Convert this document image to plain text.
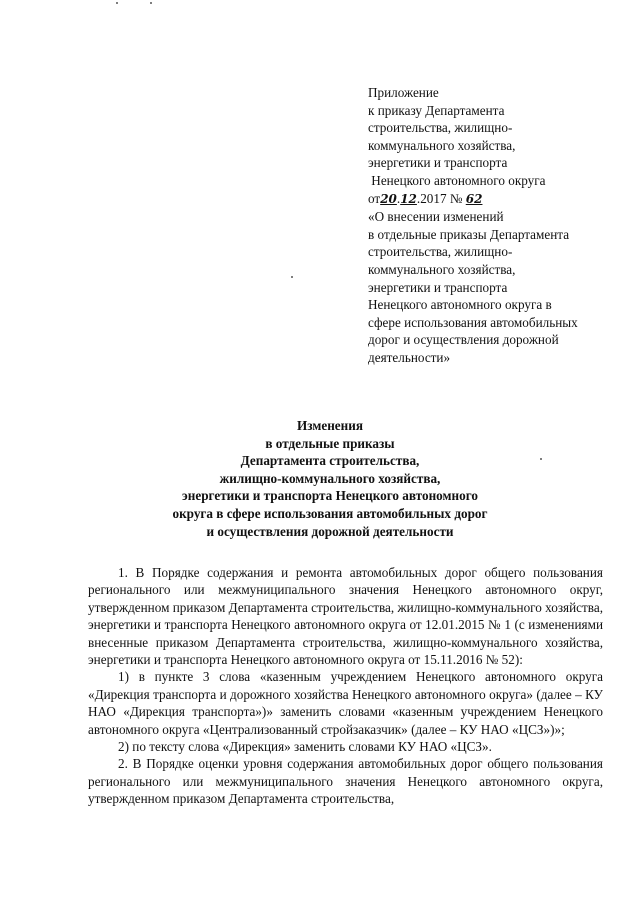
Приложение
к приказу Департамента
строительства, жилищно-
коммунального хозяйства,
энергетики и транспорта
Ненецкого автономного округа
от20.12.2017 № 62
«О внесении изменений
в отдельные приказы Департамента
строительства, жилищно-
коммунального хозяйства,
энергетики и транспорта
Ненецкого автономного округа в
сфере использования автомобильных
дорог и осуществления дорожной
деятельности»
Изменения
в отдельные приказы
Департамента строительства,
жилищно-коммунального хозяйства,
энергетики и транспорта Ненецкого автономного
округа в сфере использования автомобильных дорог
и осуществления дорожной деятельности

1. В Порядке содержания и ремонта автомобильных дорог общего пользования регионального или межмуниципального значения Ненецкого автономного округ, утвержденном приказом Департамента строительства, жилищно-коммунального хозяйства, энергетики и транспорта Ненецкого автономного округа от 12.01.2015 № 1 (с изменениями внесенные приказом Департамента строительства, жилищно-коммунального хозяйства, энергетики и транспорта Ненецкого автономного округа от 15.11.2016 № 52):

1) в пункте 3 слова «казенным учреждением Ненецкого автономного округа «Дирекция транспорта и дорожного хозяйства Ненецкого автономного округа» (далее – КУ НАО «Дирекция транспорта»)» заменить словами «казенным учреждением Ненецкого автономного округа «Централизованный стройзаказчик» (далее – КУ НАО «ЦСЗ»)»;

2) по тексту слова «Дирекция» заменить словами КУ НАО «ЦСЗ».

2. В Порядке оценки уровня содержания автомобильных дорог общего пользования регионального или межмуниципального значения Ненецкого автономного округа, утвержденном приказом Департамента строительства,
